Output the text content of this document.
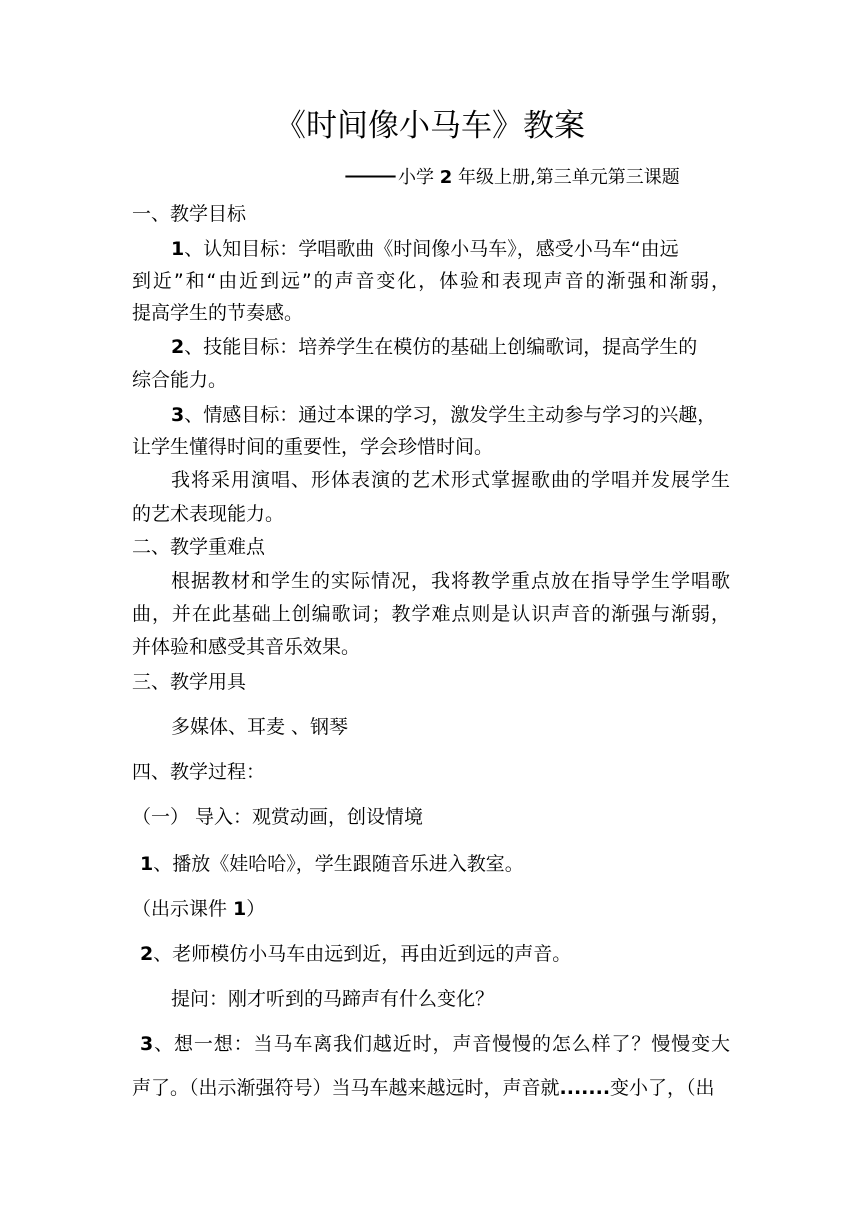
《时间像小马车》教案
—— 小学 2 年级上册,第三单元第三课题
一、教学目标
1、认知目标：学唱歌曲《时间像小马车》，感受小马车“由远
到近”和“由近到远”的声音变化，体验和表现声音的渐强和渐弱，
提高学生的节奏感。
2、技能目标：培养学生在模仿的基础上创编歌词，提高学生的
综合能力。
3、情感目标：通过本课的学习，激发学生主动参与学习的兴趣，
让学生懂得时间的重要性，学会珍惜时间。
我将采用演唱、形体表演的艺术形式掌握歌曲的学唱并发展学生
的艺术表现能力。
二、教学重难点
根据教材和学生的实际情况，我将教学重点放在指导学生学唱歌
曲，并在此基础上创编歌词；教学难点则是认识声音的渐强与渐弱，
并体验和感受其音乐效果。
三、教学用具
多媒体、耳麦 、钢琴
四、教学过程：
（一） 导入：观赏动画，创设情境
1、播放《娃哈哈》，学生跟随音乐进入教室。
（出示课件 1）
2、老师模仿小马车由远到近，再由近到远的声音。
提问：刚才听到的马蹄声有什么变化？
3、想一想：当马车离我们越近时，声音慢慢的怎么样了？慢慢变大
声了。（出示渐强符号）当马车越来越远时，声音就.......变小了，（出
